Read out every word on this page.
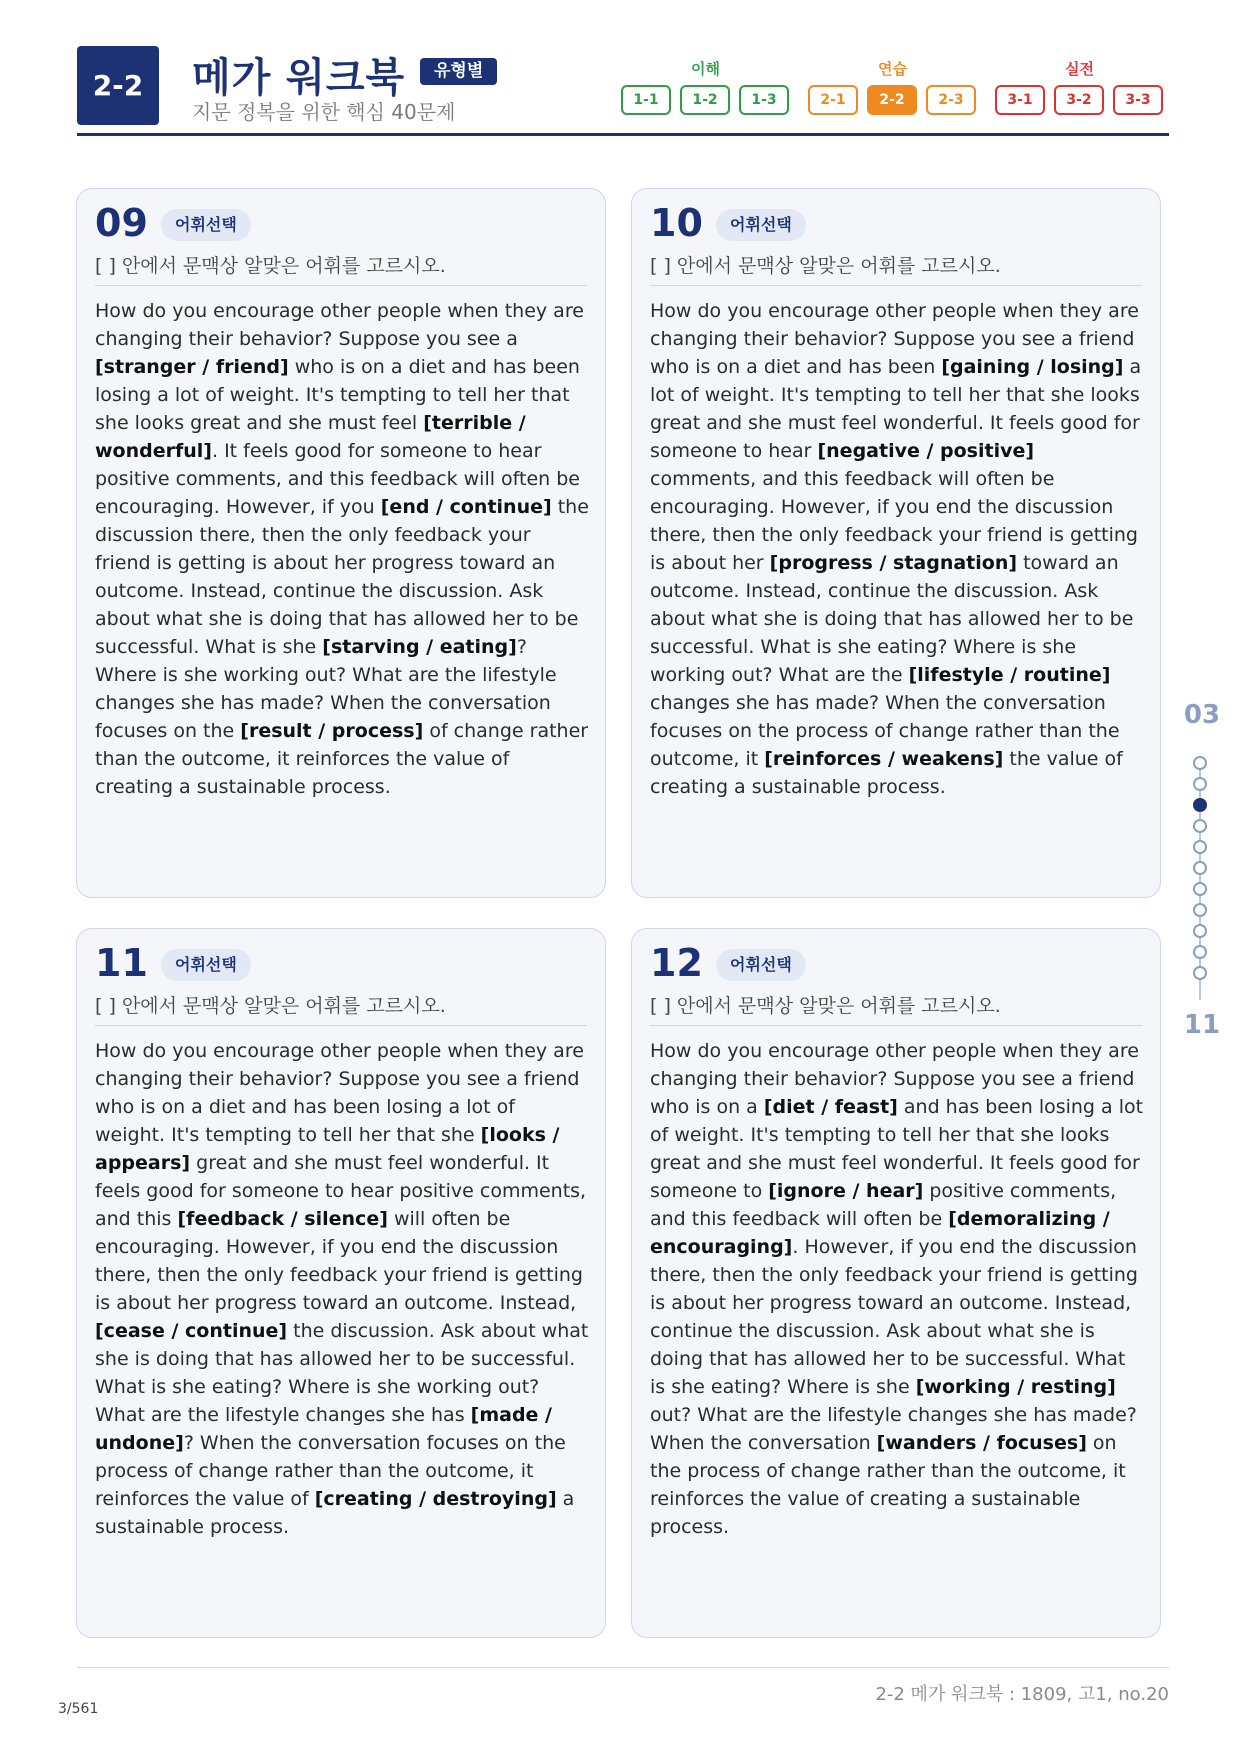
2-2	메가 워크북	유형별
지문 정복을 위한 핵심 40문제
이해
1-1	1-2	1-3
연습
2-1	2-2	2-3
실전
3-1	3-2	3-3
09	어휘선택
[ ] 안에서 문맥상 알맞은 어휘를 고르시오.
How do you encourage other people when they are changing their behavior? Suppose you see a [stranger / friend] who is on a diet and has been losing a lot of weight. It's tempting to tell her that she looks great and she must feel [terrible / wonderful]. It feels good for someone to hear positive comments, and this feedback will often be encouraging. However, if you [end / continue] the discussion there, then the only feedback your friend is getting is about her progress toward an outcome. Instead, continue the discussion. Ask about what she is doing that has allowed her to be successful. What is she [starving / eating]? Where is she working out? What are the lifestyle changes she has made? When the conversation focuses on the [result / process] of change rather than the outcome, it reinforces the value of creating a sustainable process.
10	어휘선택
[ ] 안에서 문맥상 알맞은 어휘를 고르시오.
How do you encourage other people when they are changing their behavior? Suppose you see a friend who is on a diet and has been [gaining / losing] a lot of weight. It's tempting to tell her that she looks great and she must feel wonderful. It feels good for someone to hear [negative / positive] comments, and this feedback will often be encouraging. However, if you end the discussion there, then the only feedback your friend is getting is about her [progress / stagnation] toward an outcome. Instead, continue the discussion. Ask about what she is doing that has allowed her to be successful. What is she eating? Where is she working out? What are the [lifestyle / routine] changes she has made? When the conversation focuses on the process of change rather than the outcome, it [reinforces / weakens] the value of creating a sustainable process.
11	어휘선택
[ ] 안에서 문맥상 알맞은 어휘를 고르시오.
How do you encourage other people when they are changing their behavior? Suppose you see a friend who is on a diet and has been losing a lot of weight. It's tempting to tell her that she [looks / appears] great and she must feel wonderful. It feels good for someone to hear positive comments, and this [feedback / silence] will often be encouraging. However, if you end the discussion there, then the only feedback your friend is getting is about her progress toward an outcome. Instead, [cease / continue] the discussion. Ask about what she is doing that has allowed her to be successful. What is she eating? Where is she working out? What are the lifestyle changes she has [made / undone]? When the conversation focuses on the process of change rather than the outcome, it reinforces the value of [creating / destroying] a sustainable process.
12	어휘선택
[ ] 안에서 문맥상 알맞은 어휘를 고르시오.
How do you encourage other people when they are changing their behavior? Suppose you see a friend who is on a [diet / feast] and has been losing a lot of weight. It's tempting to tell her that she looks great and she must feel wonderful. It feels good for someone to [ignore / hear] positive comments, and this feedback will often be [demoralizing / encouraging]. However, if you end the discussion there, then the only feedback your friend is getting is about her progress toward an outcome. Instead, continue the discussion. Ask about what she is doing that has allowed her to be successful. What is she eating? Where is she [working / resting] out? What are the lifestyle changes she has made? When the conversation [wanders / focuses] on the process of change rather than the outcome, it reinforces the value of creating a sustainable process.
03
11
2-2 메가 워크북 : 1809, 고1, no.20
3/561
